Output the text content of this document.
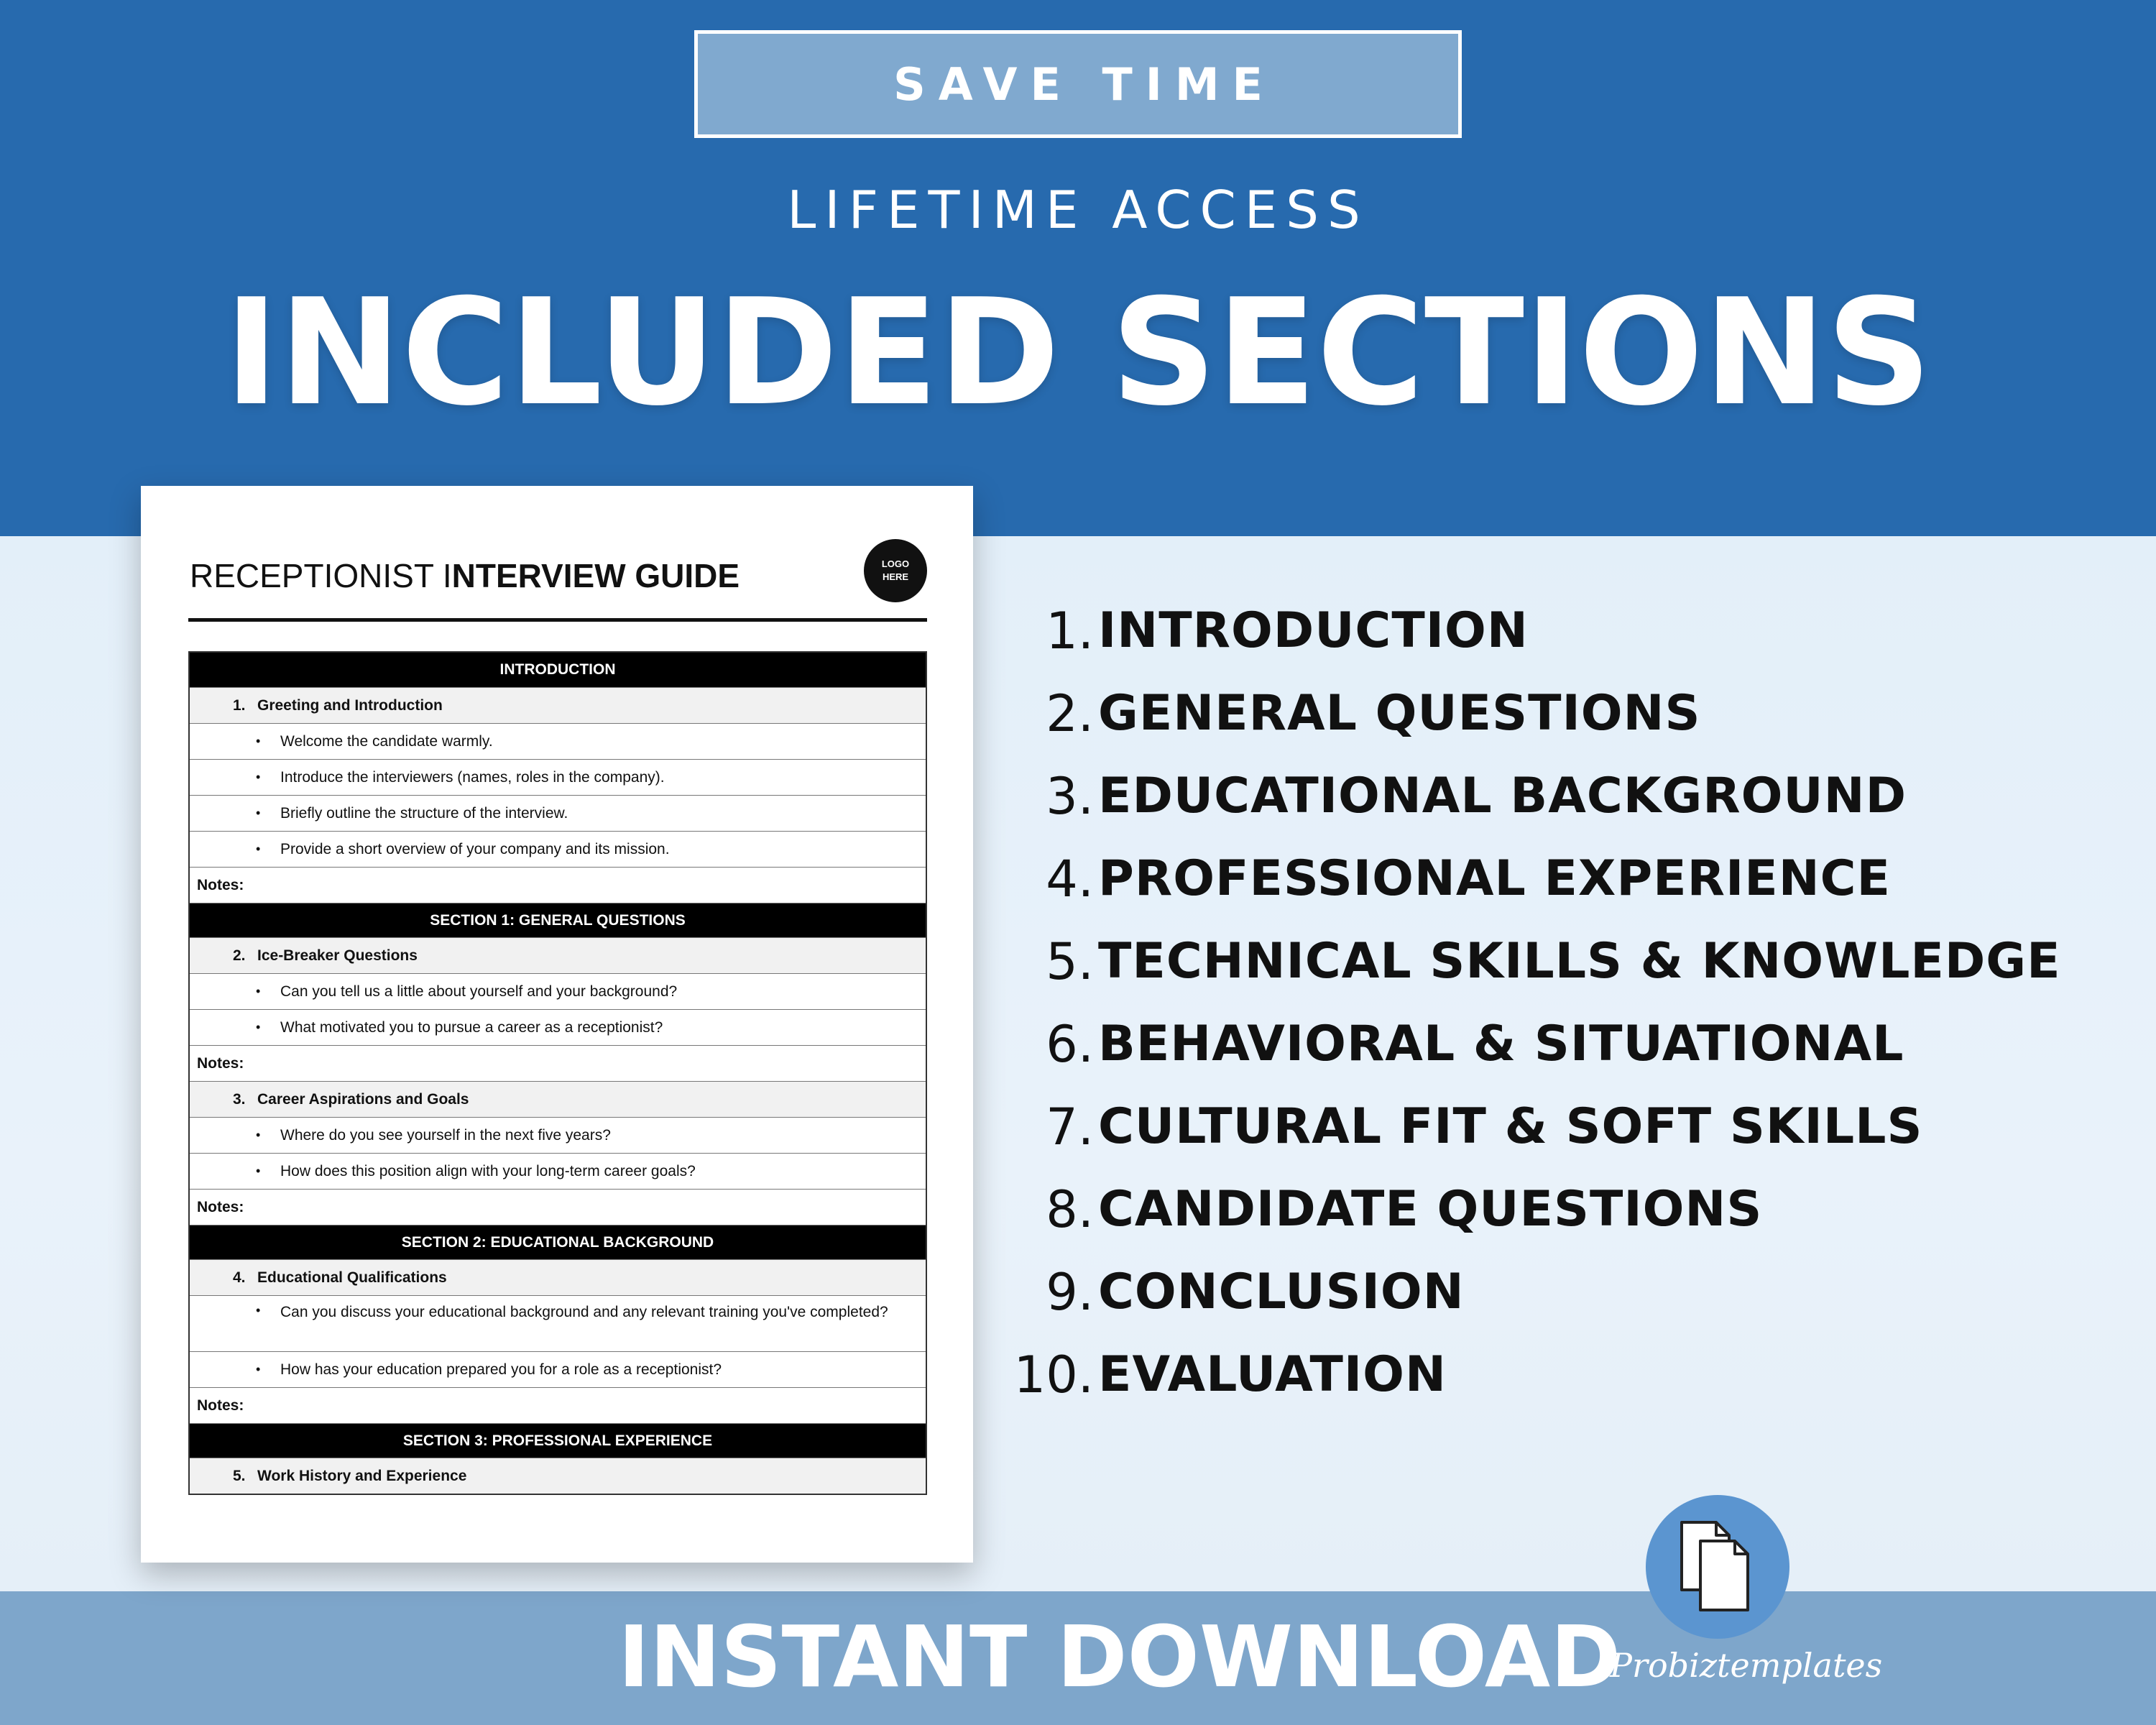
SAVE TIME
LIFETIME ACCESS
INCLUDED SECTIONS
RECEPTIONIST INTERVIEW GUIDE	LOGO
HERE
INTRODUCTION
1. Greeting and Introduction
•	Welcome the candidate warmly.
•	Introduce the interviewers (names, roles in the company).
•	Briefly outline the structure of the interview.
•	Provide a short overview of your company and its mission.
Notes:
SECTION 1: GENERAL QUESTIONS
2. Ice-Breaker Questions
•	Can you tell us a little about yourself and your background?
•	What motivated you to pursue a career as a receptionist?
Notes:
3. Career Aspirations and Goals
•	Where do you see yourself in the next five years?
•	How does this position align with your long-term career goals?
Notes:
SECTION 2: EDUCATIONAL BACKGROUND
4. Educational Qualifications
•	Can you discuss your educational background and any relevant training you've completed?
•	How has your education prepared you for a role as a receptionist?
Notes:
SECTION 3: PROFESSIONAL EXPERIENCE
5. Work History and Experience
1. INTRODUCTION
2. GENERAL QUESTIONS
3. EDUCATIONAL BACKGROUND
4. PROFESSIONAL EXPERIENCE
5. TECHNICAL SKILLS & KNOWLEDGE
6. BEHAVIORAL & SITUATIONAL
7. CULTURAL FIT & SOFT SKILLS
8. CANDIDATE QUESTIONS
9. CONCLUSION
10. EVALUATION
INSTANT DOWNLOAD
Probiztemplates
